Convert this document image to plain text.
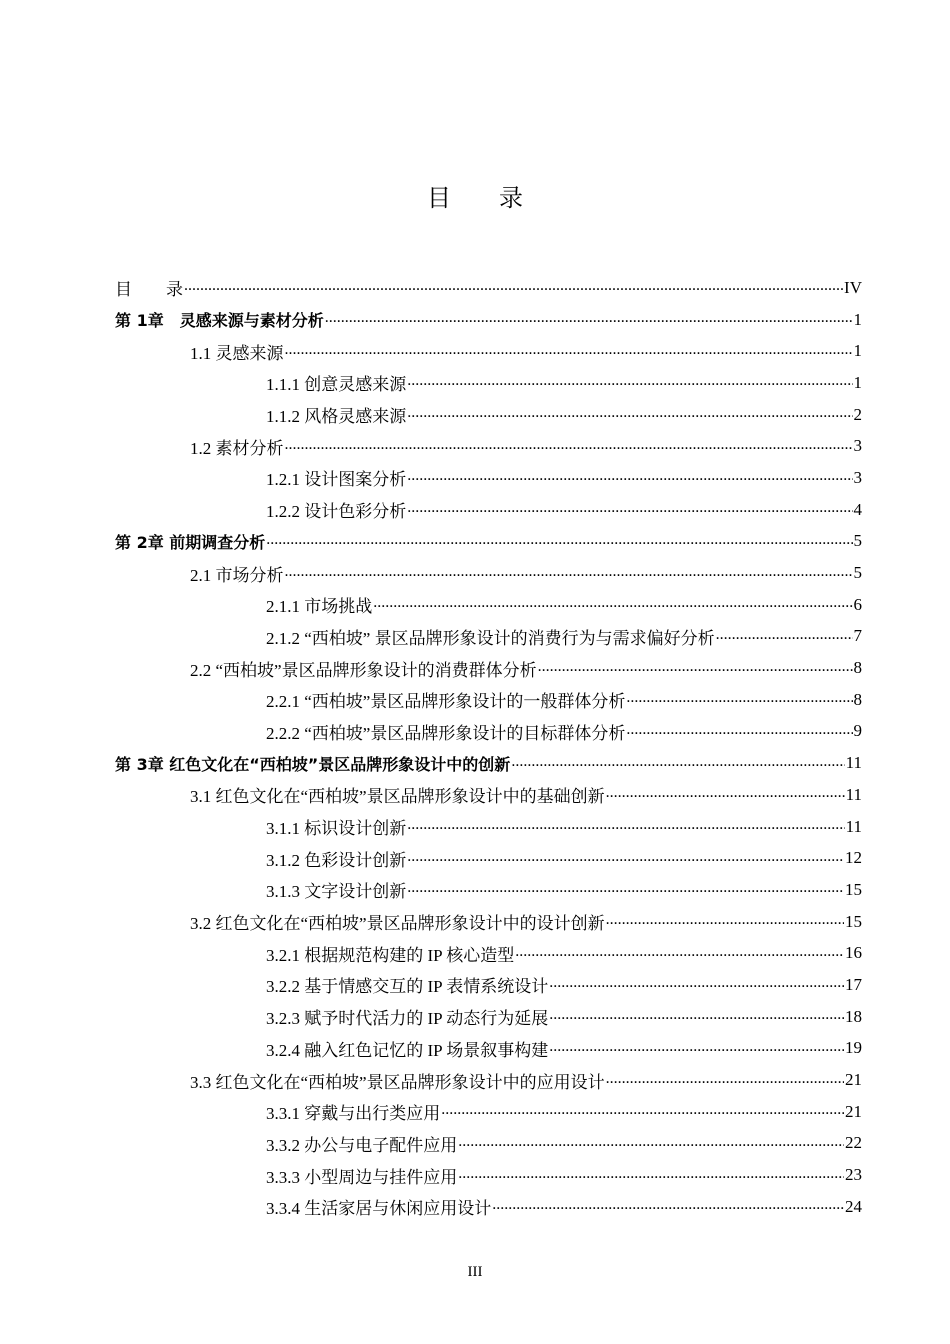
目 录
目　　录 .....	IV
第 1章　灵感来源与素材分析 .....	1
1.1 灵感来源 .....	1
1.1.1 创意灵感来源 .....	1
1.1.2 风格灵感来源 .....	2
1.2 素材分析 .....	3
1.2.1 设计图案分析 .....	3
1.2.2 设计色彩分析 .....	4
第 2章 前期调查分析 .....	5
2.1 市场分析 .....	5
2.1.1 市场挑战 .....	6
2.1.2 “西柏坡” 景区品牌形象设计的消费行为与需求偏好分析 .....	7
2.2 “西柏坡”景区品牌形象设计的消费群体分析 .....	8
2.2.1 “西柏坡”景区品牌形象设计的一般群体分析 .....	8
2.2.2 “西柏坡”景区品牌形象设计的目标群体分析 .....	9
第 3章 红色文化在“西柏坡”景区品牌形象设计中的创新 .....	11
3.1 红色文化在“西柏坡”景区品牌形象设计中的基础创新 .....	11
3.1.1 标识设计创新 .....	11
3.1.2 色彩设计创新 .....	12
3.1.3 文字设计创新 .....	15
3.2 红色文化在“西柏坡”景区品牌形象设计中的设计创新 .....	15
3.2.1 根据规范构建的 IP 核心造型 .....	16
3.2.2 基于情感交互的 IP 表情系统设计 .....	17
3.2.3 赋予时代活力的 IP 动态行为延展 .....	18
3.2.4 融入红色记忆的 IP 场景叙事构建 .....	19
3.3 红色文化在“西柏坡”景区品牌形象设计中的应用设计 .....	21
3.3.1 穿戴与出行类应用 .....	21
3.3.2 办公与电子配件应用 .....	22
3.3.3 小型周边与挂件应用 .....	23
3.3.4 生活家居与休闲应用设计 .....	24
III
